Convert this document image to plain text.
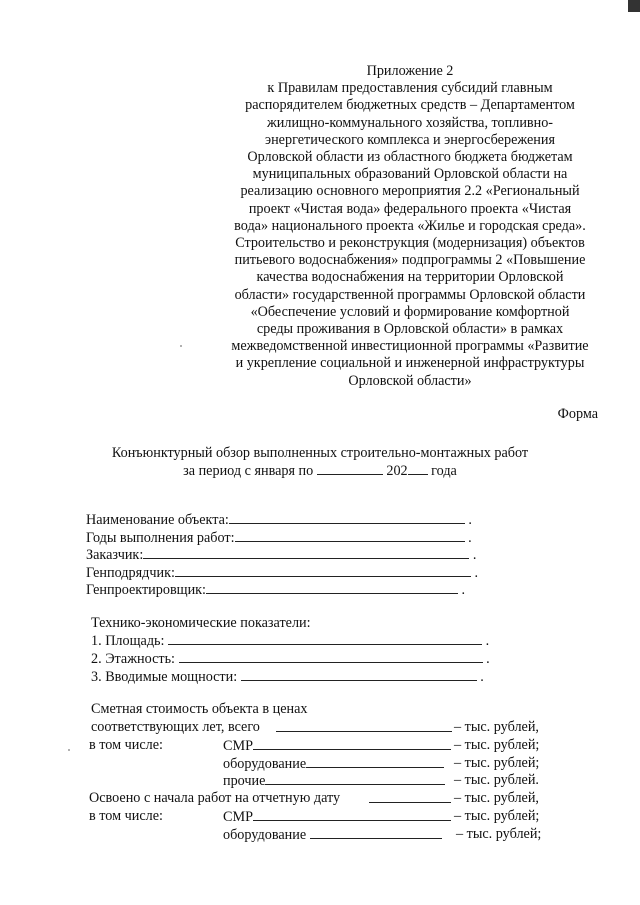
Приложение 2
к Правилам предоставления субсидий главным
распорядителем бюджетных средств – Департаментом
жилищно-коммунального хозяйства, топливно-
энергетического комплекса и энергосбережения
Орловской области из областного бюджета бюджетам
муниципальных образований Орловской области на
реализацию основного мероприятия 2.2 «Региональный
проект «Чистая вода» федерального проекта «Чистая
вода» национального проекта «Жилье и городская среда».
Строительство и реконструкция (модернизация) объектов
питьевого водоснабжения» подпрограммы 2 «Повышение
качества водоснабжения на территории Орловской
области» государственной программы Орловской области
«Обеспечение условий и формирование комфортной
среды проживания в Орловской области» в рамках
межведомственной инвестиционной программы «Развитие
и укрепление социальной и инженерной инфраструктуры
Орловской области»
Форма
Конъюнктурный обзор выполненных строительно-монтажных работ
за период с января по	202 года
Наименование объекта:	.
Годы выполнения работ:	.
Заказчик:	.
Генподрядчик:	.
Генпроектировщик:	.
Технико-экономические показатели:
1. Площадь:	.
2. Этажность:	.
3. Вводимые мощности:	.
Сметная стоимость объекта в ценах
соответствующих лет, всего	– тыс. рублей,
в том числе:	СМР	– тыс. рублей;
оборудование	– тыс. рублей;
прочие	– тыс. рублей.
Освоено с начала работ на отчетную дату	– тыс. рублей,
в том числе:	СМР	– тыс. рублей;
оборудование	– тыс. рублей;
